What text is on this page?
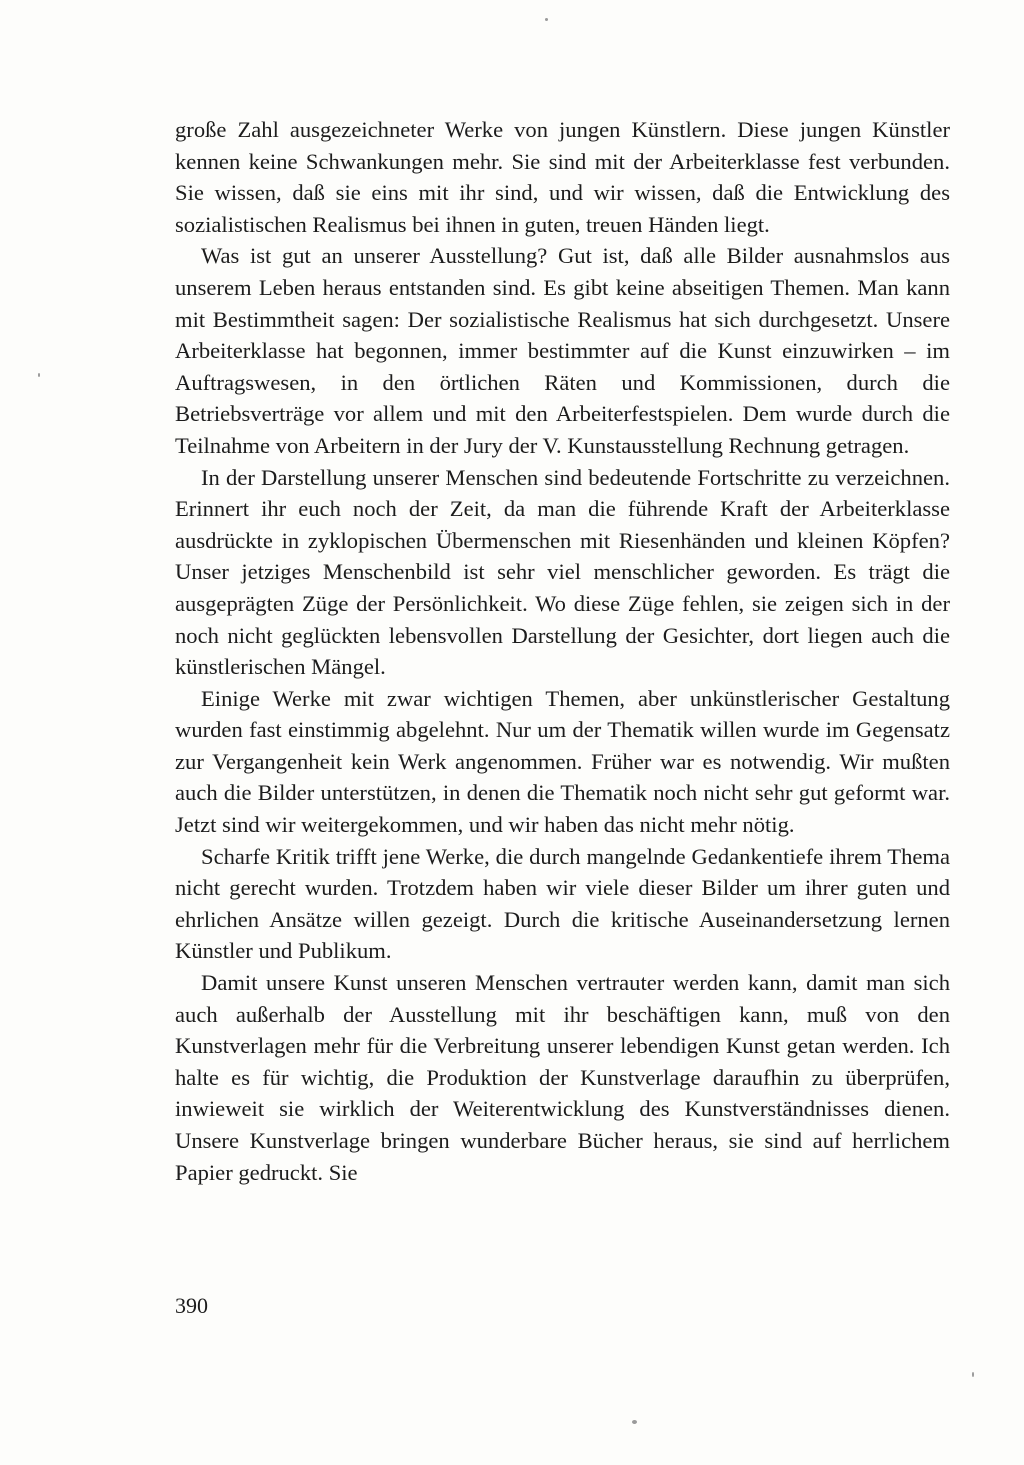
große Zahl ausgezeichneter Werke von jungen Künstlern. Diese jungen Künstler kennen keine Schwankungen mehr. Sie sind mit der Arbeiterklasse fest verbunden. Sie wissen, daß sie eins mit ihr sind, und wir wissen, daß die Entwicklung des sozialistischen Realismus bei ihnen in guten, treuen Händen liegt.

Was ist gut an unserer Ausstellung? Gut ist, daß alle Bilder ausnahmslos aus unserem Leben heraus entstanden sind. Es gibt keine abseitigen Themen. Man kann mit Bestimmtheit sagen: Der sozialistische Realismus hat sich durchgesetzt. Unsere Arbeiterklasse hat begonnen, immer bestimmter auf die Kunst einzuwirken – im Auftragswesen, in den örtlichen Räten und Kommissionen, durch die Betriebsverträge vor allem und mit den Arbeiterfestspielen. Dem wurde durch die Teilnahme von Arbeitern in der Jury der V. Kunstausstellung Rechnung getragen.

In der Darstellung unserer Menschen sind bedeutende Fortschritte zu verzeichnen. Erinnert ihr euch noch der Zeit, da man die führende Kraft der Arbeiterklasse ausdrückte in zyklopischen Übermenschen mit Riesenhänden und kleinen Köpfen? Unser jetziges Menschenbild ist sehr viel menschlicher geworden. Es trägt die ausgeprägten Züge der Persönlichkeit. Wo diese Züge fehlen, sie zeigen sich in der noch nicht geglückten lebensvollen Darstellung der Gesichter, dort liegen auch die künstlerischen Mängel.

Einige Werke mit zwar wichtigen Themen, aber unkünstlerischer Gestaltung wurden fast einstimmig abgelehnt. Nur um der Thematik willen wurde im Gegensatz zur Vergangenheit kein Werk angenommen. Früher war es notwendig. Wir mußten auch die Bilder unterstützen, in denen die Thematik noch nicht sehr gut geformt war. Jetzt sind wir weitergekommen, und wir haben das nicht mehr nötig.

Scharfe Kritik trifft jene Werke, die durch mangelnde Gedankentiefe ihrem Thema nicht gerecht wurden. Trotzdem haben wir viele dieser Bilder um ihrer guten und ehrlichen Ansätze willen gezeigt. Durch die kritische Auseinandersetzung lernen Künstler und Publikum.

Damit unsere Kunst unseren Menschen vertrauter werden kann, damit man sich auch außerhalb der Ausstellung mit ihr beschäftigen kann, muß von den Kunstverlagen mehr für die Verbreitung unserer lebendigen Kunst getan werden. Ich halte es für wichtig, die Produktion der Kunstverlage daraufhin zu überprüfen, inwieweit sie wirklich der Weiterentwicklung des Kunstverständnisses dienen. Unsere Kunstverlage bringen wunderbare Bücher heraus, sie sind auf herrlichem Papier gedruckt. Sie

390
